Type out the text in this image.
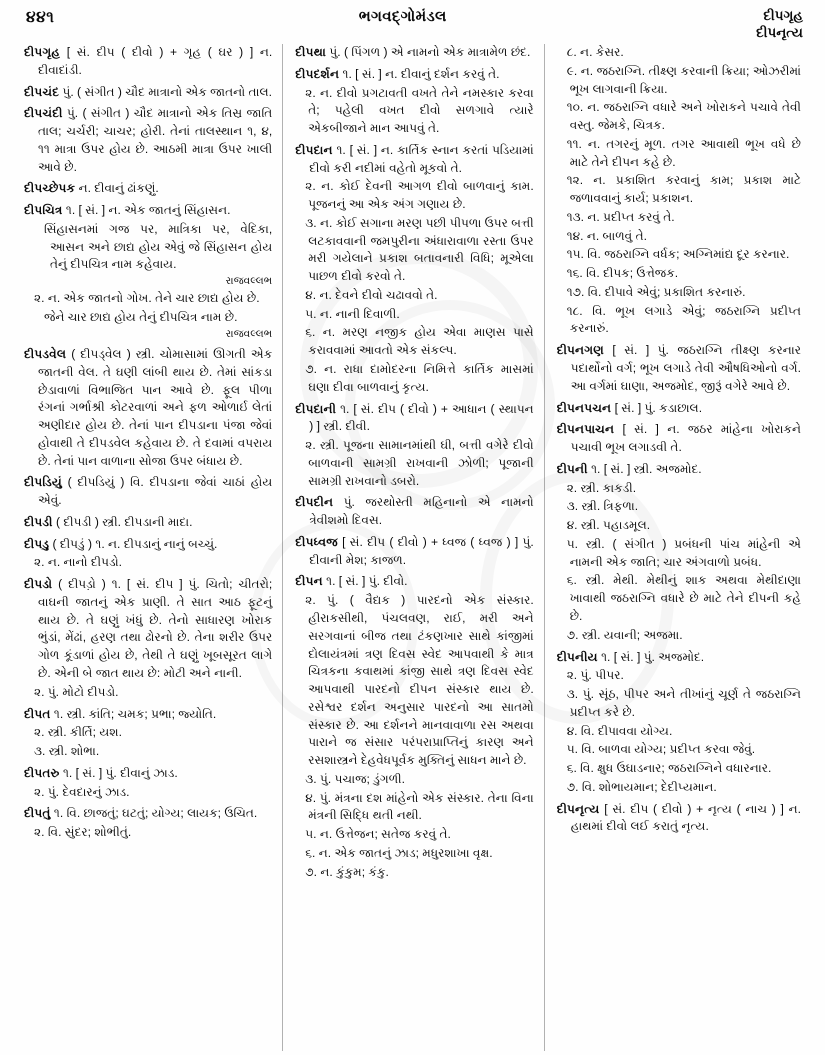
૪૪૧	ભગવદ્ગોમંડલ	દીપગૃહ
દીપનૃત્ય

દીપગૃહ [ સં. દીપ ( દીવો ) + ગૃહ ( ઘર ) ] ન. દીવાદાંડી.

દીપચંદ પું. ( સંગીત ) ચૌદ માત્રાનો એક જાતનો તાલ.

દીપચંદી પું. ( સંગીત ) ચૌદ માત્રાનો એક તિસ્ર જાતિ તાલ; ચર્ચરી; ચાચર; હોરી. તેનાં તાલસ્થાન ૧, ૪, ૧૧ માત્રા ઉપર હોય છે. આઠમી માત્રા ઉપર ખાલી આવે છે.

દીપચ્છેપક ન. દીવાનું ઢાંકણું.

દીપચિત્ર ૧. [ સં. ] ન. એક જાતનું સિંહાસન.

સિંહાસનમાં ગજ પર, માત્રિકા પર, વેદિકા, આસન અને છાદ્ય હોય એવું જે સિંહાસન હોય તેનું દીપચિત્ર નામ કહેવાય.

રાજવલ્લભ

૨. ન. એક જાતનો ગોખ. તેને ચાર છાદ્ય હોય છે.

જેને ચાર છાદ્ય હોય તેનું દીપચિત્ર નામ છે.

રાજવલ્લભ

દીપડવેલ ( દીપડ્વેલ ) સ્ત્રી. ચોમાસામાં ઊગતી એક જાતની વેલ. તે ઘણી લાંબી થાય છે. તેમાં સાંકડા છેડાવાળાં વિભાજિત પાન આવે છે. ફૂલ પીળા રંગનાં ગર્ભાશ્રી કોટરવાળાં અને ફળ ઓળાર્ઇ લેતાં અણીદાર હોય છે. તેનાં પાન દીપડાના પંજા જેવાં હોવાથી તે દીપડવેલ કહેવાય છે. તે દવામાં વપરાય છે. તેનાં પાન વાળાના સોજા ઉપર બંધાય છે.

દીપડિયું ( દીપડિયું ) વિ. દીપડાના જેવાં ચાઠાં હોય એવું.

દીપડી ( દીપડી ) સ્ત્રી. દીપડાની માદા.

દીપડુ ( દીપડું ) ૧. ન. દીપડાનું નાનું બચ્ચું.

૨. ન. નાનો દીપડો.

દીપડો ( દીપડ઼ો ) ૧. [ સં. દીપ ] પું. ચિતો; ચીતરો; વાઘની જાતનું એક પ્રાણી. તે સાત આઠ ફૂટનું થાય છે. તે ઘણું ખંધું છે. તેનો સાધારણ ખોરાક ભુંડાં, મેંઢાં, હરણ તથા ઢોરનો છે. તેના શરીર ઉપર ગોળ કૂંડાળાં હોય છે, તેથી તે ઘણું ખૂબસૂરત લાગે છે. એની બે જાત થાય છે: મોટી અને નાની.

૨. પું. મોટો દીપડો.

દીપત ૧. સ્ત્રી. કાંતિ; ચમક; પ્રભા; જ્યોતિ.

૨. સ્ત્રી. કીર્તિ; યશ.

૩. સ્ત્રી. શોભા.

દીપતરુ ૧. [ સં. ] પું. દીવાનું ઝાડ.

૨. પું. દેવદારનું ઝાડ.

દીપતું ૧. વિ. છાજતું; ઘટતું; યોગ્ય; લાયક; ઉચિત.

૨. વિ. સુંદર; શોભીતું.

દીપથા પું. ( પિંગળ ) એ નામનો એક માત્રામેળ છંદ.

દીપદર્શન ૧. [ સં. ] ન. દીવાનું દર્શન કરવું તે.

૨. ન. દીવો પ્રગટાવતી વખતે તેને નમસ્કાર કરવા તે; પહેલી વખત દીવો સળગાવે ત્યારે એકબીજાને માન આપવું તે.

દીપદાન ૧. [ સં. ] ન. કાર્તિક સ્નાન કરતાં પડિયામાં દીવો કરી નદીમાં વહેતો મૂકવો તે.

૨. ન. કોઈ દેવની આગળ દીવો બાળવાનું કામ. પૂજનનું આ એક અંગ ગણાય છે.

૩. ન. કોઈ સગાના મરણ પછી પીપળા ઉપર બત્તી લટકાવવાની જમપુરીના અંધારાવાળા રસ્તા ઉપર મરી ગયેલાને પ્રકાશ બતાવનારી વિધિ; મૂએલા પાછળ દીવો કરવો તે.

૪. ન. દેવને દીવો ચઢાવવો તે.

૫. ન. નાની દિવાળી.

૬. ન. મરણ નજીક હોય એવા માણસ પાસે કરાવવામાં આવતો એક સંકલ્પ.

૭. ન. રાધા દામોદરના નિમિત્તે કાર્તિક માસમાં ઘણા દીવા બાળવાનું કૃત્ય.

દીપદાની ૧. [ સં. દીપ ( દીવો ) + આધાન ( સ્થાપન ) ] સ્ત્રી. દીવી.

૨. સ્ત્રી. પૂજના સામાનમાંથી ઘી, બત્તી વગેરે દીવો બાળવાની સામગ્રી રાખવાની ઝોળી; પૂજાની સામગ્રી રાખવાનો ડબરો.

દીપદીન પું. જરથોસ્તી મહિનાનો એ નામનો ત્રેવીશમો દિવસ.

દીપધ્વજ [ સં. દીપ ( દીવો ) + ધ્વજ ( ધ્વજ ) ] પું. દીવાની મેશ; કાજળ.

દીપન ૧. [ સં. ] પું. દીવો.

૨. પું. ( વૈદ્યક ) પારદનો એક સંસ્કાર. હીરાકસીથી, પંચલવણ, રાઈ, મરી અને સરગવાનાં બીજ તથા ટંકણખાર સાથે કાંજીમાં દોલાયંત્રમાં ત્રણ દિવસ સ્વેદ આપવાથી કે માત્ર ચિત્રકના કવાથમાં કાંજી સાથે ત્રણ દિવસ સ્વેદ આપવાથી પારદનો દીપન સંસ્કાર થાય છે. રસેશ્વર દર્શન અનુસાર પારદનો આ સાતમો સંસ્કાર છે. આ દર્શનને માનવાવાળા રસ અથવા પારાને જ સંસાર પરંપરાપ્રાપ્તિનું કારણ અને રસશાસ્ત્રને દેહવેધપૂર્વક મુક્તિનું સાધન માને છે.

૩. પું. પચાજ; ડુંગળી.

૪. પું. મંત્રના દશ માંહેનો એક સંસ્કાર. તેના વિના મંત્રની સિદ્ધિ થતી નથી.

૫. ન. ઉત્તેજન; સતેજ કરવું તે.

૬. ન. એક જાતનું ઝાડ; મધુરશાખા વૃક્ષ.

૭. ન. કુંકુમ; કંકુ.

૮. ન. કેસર.

૯. ન. જઠરાગ્નિ. તીક્ષ્ણ કરવાની ક્રિયા; ઓઝરીમાં ભૂખ લાગવાની ક્રિયા.

૧૦. ન. જઠરાગ્નિ વધારે અને ખોરાકને પચાવે તેવી વસ્તુ. જેમકે, ચિત્રક.

૧૧. ન. તગરનું મૂળ. તગર આવાથી ભૂખ વધે છે માટે તેને દીપન કહે છે.

૧૨. ન. પ્રકાશિત કરવાનું કામ; પ્રકાશ માટે જળાવવાનું કાર્ય; પ્રકાશન.

૧૩. ન. પ્રદીપ્ત કરવું તે.

૧૪. ન. બાળવું તે.

૧૫. વિ. જઠરાગ્નિ વર્ધક; અગ્નિમાંદ્ય દૂર કરનાર.

૧૬. વિ. દીપક; ઉત્તેજક.

૧૭. વિ. દીપાવે એવું; પ્રકાશિત કરનારું.

૧૮. વિ. ભૂખ લગાડે એવું; જઠરાગ્નિ પ્રદીપ્ત કરનારું.

દીપનગણ [ સં. ] પું. જઠરાગ્નિ તીક્ષ્ણ કરનાર પદાર્થોનો વર્ગ; ભૂખ લગાડે તેવી ઔષધિઓનો વર્ગ. આ વર્ગમાં ઘાણા, અજમોદ, જીરૂં વગેરે આવે છે.

દીપનપચન [ સં. ] પું. કડાછાલ.

દીપનપાચન [ સં. ] ન. જઠર માંહેના ખોરાકને પચાવી ભૂખ લગાડવી તે.

દીપની ૧. [ સં. ] સ્ત્રી. અજમોદ.

૨. સ્ત્રી. કાકડી.

૩. સ્ત્રી. ત્રિફળા.

૪. સ્ત્રી. પહાડમૂલ.

૫. સ્ત્રી. ( સંગીત ) પ્રબંધની પાંચ માંહેની એ નામની એક જાતિ; ચાર અંગવાળો પ્રબંધ.

૬. સ્ત્રી. મેથી. મેથીનું શાક અથવા મેથીદાણા ખાવાથી જઠરાગ્નિ વધારે છે માટે તેને દીપની કહે છે.

૭. સ્ત્રી. યવાની; અજમા.

દીપનીય ૧. [ સં. ] પું. અજમોદ.

૨. પું. પીપર.

૩. પું. સૂંઠ, પીપર અને તીખાંનું ચૂર્ણ તે જઠરાગ્નિ પ્રદીપ્ત કરે છે.

૪. વિ. દીપાવવા યોગ્ય.

૫. વિ. બાળવા યોગ્ય; પ્રદીપ્ત કરવા જેવું.

૬. વિ. ક્ષુધ ઉઘાડનાર; જઠરાગ્નિને વધારનાર.

૭. વિ. શોભાયમાન; દેદીપ્યમાન.

દીપનૃત્ય [ સં. દીપ ( દીવો ) + નૃત્ય ( નાચ ) ] ન. હાથમાં દીવો લઈ કરાતું નૃત્ય.
